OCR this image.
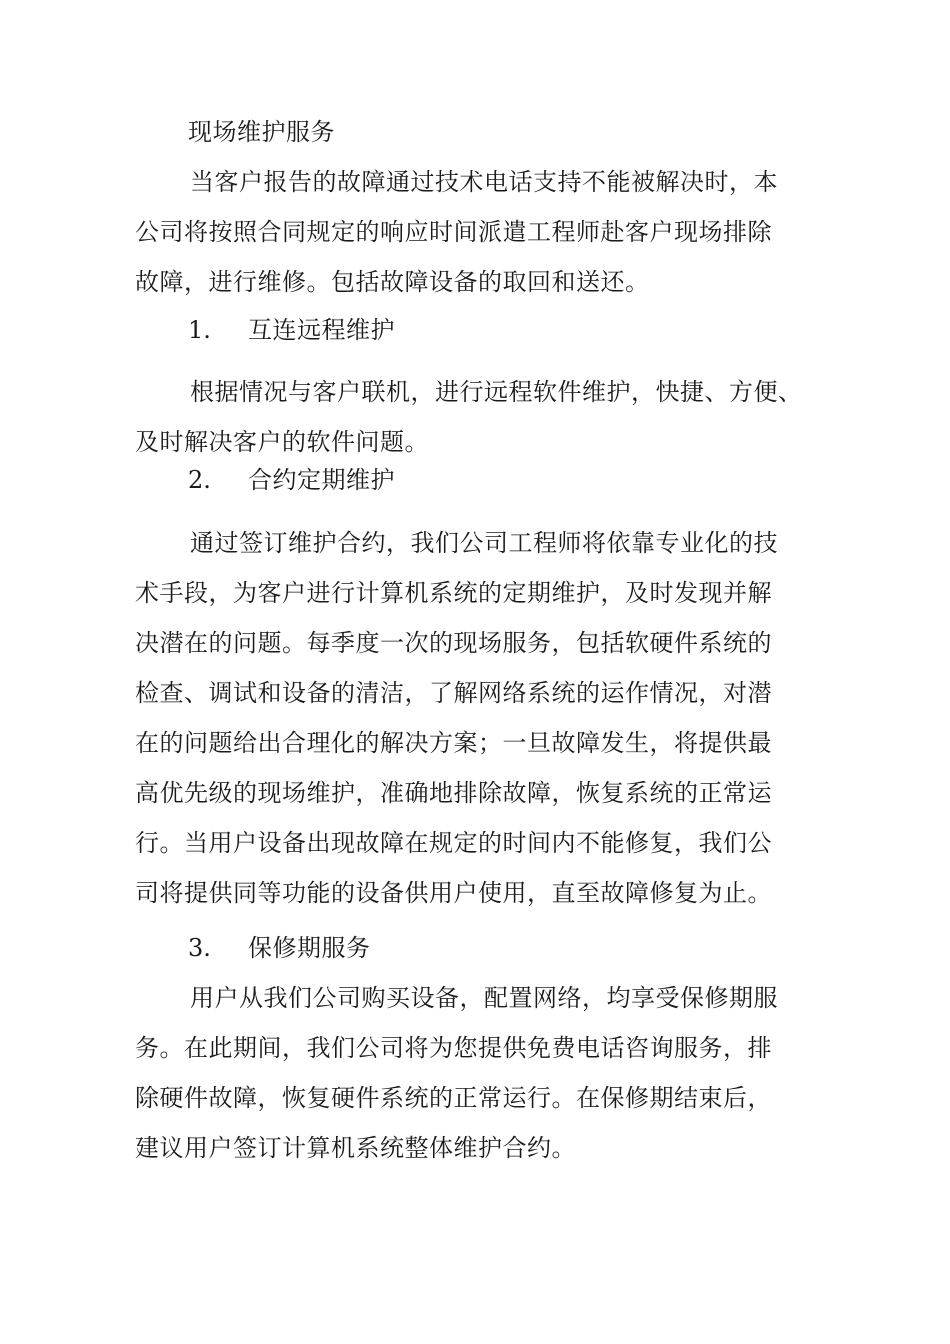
现场维护服务
当客户报告的故障通过技术电话支持不能被解决时，本
公司将按照合同规定的响应时间派遣工程师赴客户现场排除
故障，进行维修。包括故障设备的取回和送还。
1. 互连远程维护
根据情况与客户联机，进行远程软件维护，快捷、方便、
及时解决客户的软件问题。
2. 合约定期维护
通过签订维护合约，我们公司工程师将依靠专业化的技
术手段，为客户进行计算机系统的定期维护，及时发现并解
决潜在的问题。每季度一次的现场服务，包括软硬件系统的
检查、调试和设备的清洁，了解网络系统的运作情况，对潜
在的问题给出合理化的解决方案；一旦故障发生，将提供最
高优先级的现场维护，准确地排除故障，恢复系统的正常运
行。当用户设备出现故障在规定的时间内不能修复，我们公
司将提供同等功能的设备供用户使用，直至故障修复为止。
3. 保修期服务
用户从我们公司购买设备，配置网络，均享受保修期服
务。在此期间，我们公司将为您提供免费电话咨询服务，排
除硬件故障，恢复硬件系统的正常运行。在保修期结束后，
建议用户签订计算机系统整体维护合约。
